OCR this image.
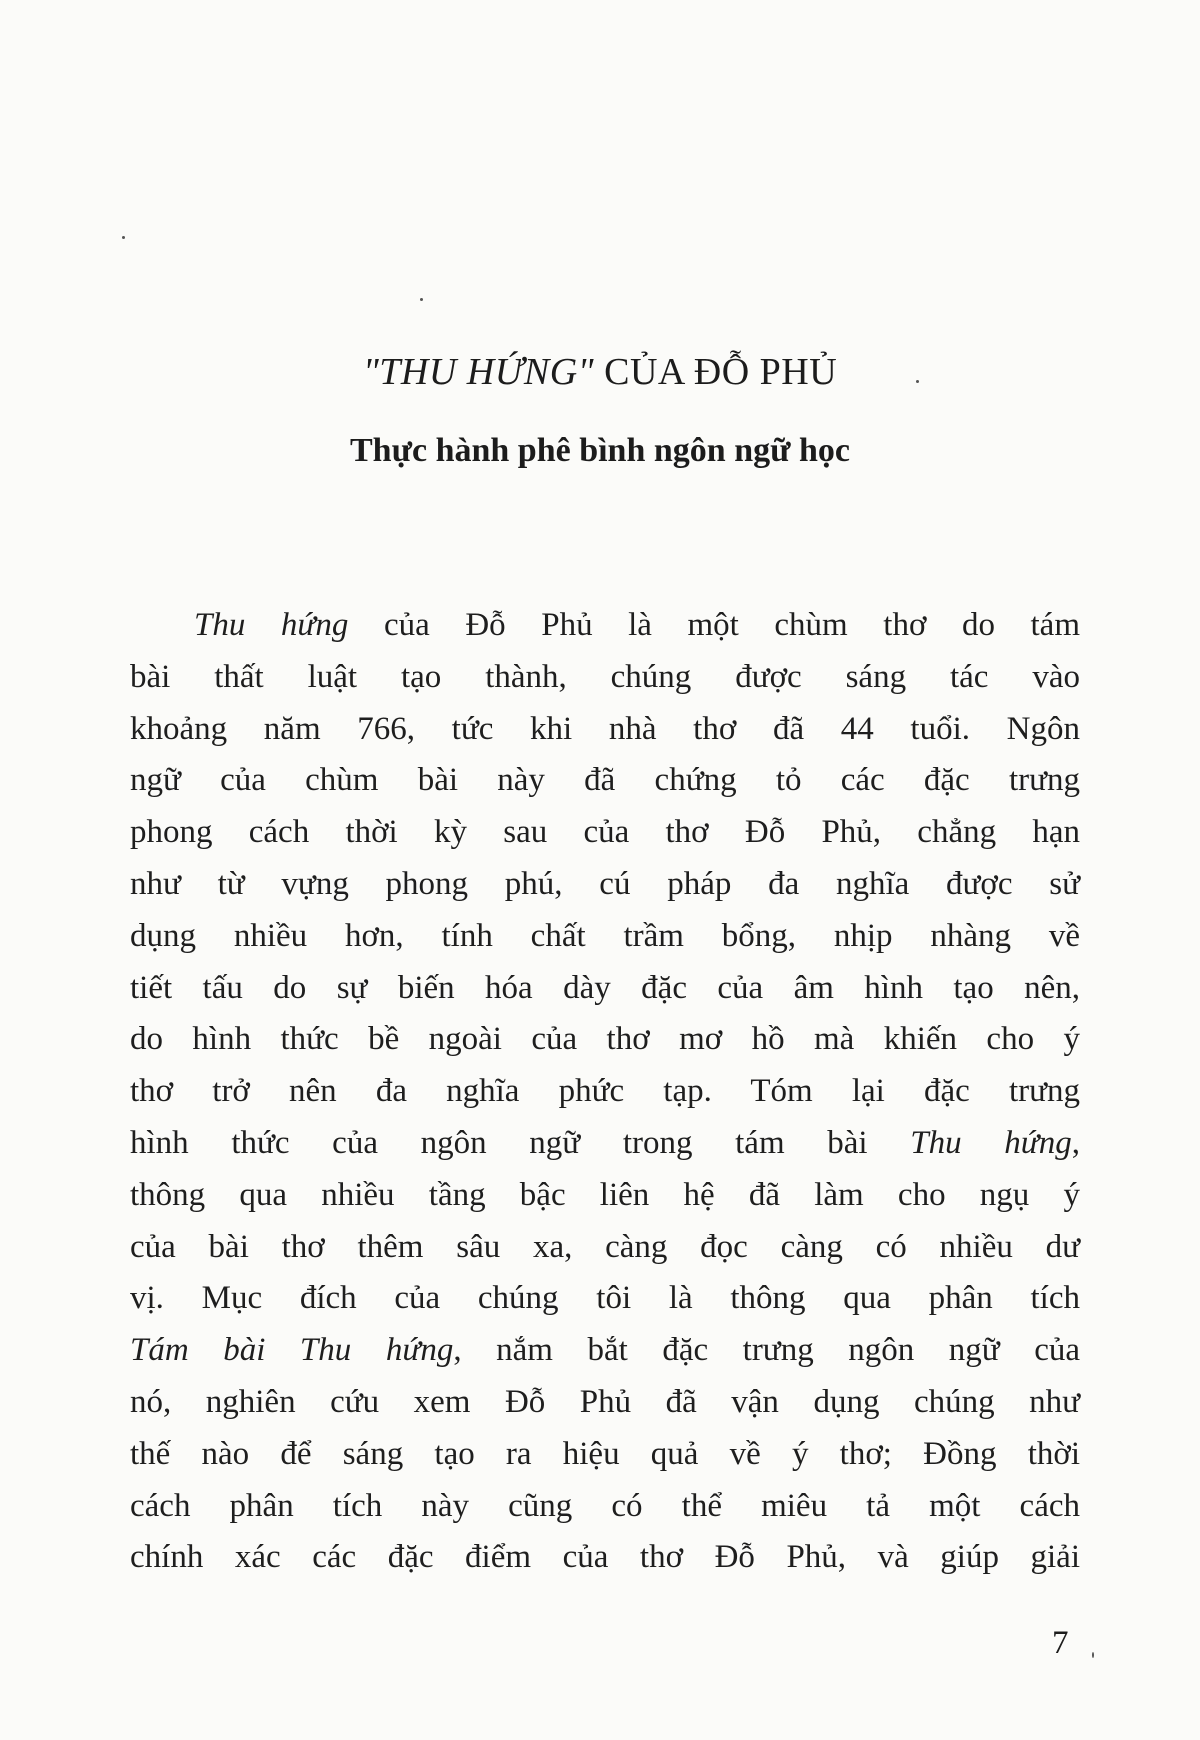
"THU HỨNG" CỦA ĐỖ PHỦ
Thực hành phê bình ngôn ngữ học
Thu hứng của Đỗ Phủ là một chùm thơ do tám
bài thất luật tạo thành, chúng được sáng tác vào
khoảng năm 766, tức khi nhà thơ đã 44 tuổi. Ngôn
ngữ của chùm bài này đã chứng tỏ các đặc trưng
phong cách thời kỳ sau của thơ Đỗ Phủ, chẳng hạn
như từ vựng phong phú, cú pháp đa nghĩa được sử
dụng nhiều hơn, tính chất trầm bổng, nhịp nhàng về
tiết tấu do sự biến hóa dày đặc của âm hình tạo nên,
do hình thức bề ngoài của thơ mơ hồ mà khiến cho ý
thơ trở nên đa nghĩa phức tạp. Tóm lại đặc trưng
hình thức của ngôn ngữ trong tám bài Thu hứng,
thông qua nhiều tầng bậc liên hệ đã làm cho ngụ ý
của bài thơ thêm sâu xa, càng đọc càng có nhiều dư
vị. Mục đích của chúng tôi là thông qua phân tích
Tám bài Thu hứng, nắm bắt đặc trưng ngôn ngữ của
nó, nghiên cứu xem Đỗ Phủ đã vận dụng chúng như
thế nào để sáng tạo ra hiệu quả về ý thơ; Đồng thời
cách phân tích này cũng có thể miêu tả một cách
chính xác các đặc điểm của thơ Đỗ Phủ, và giúp giải
7
